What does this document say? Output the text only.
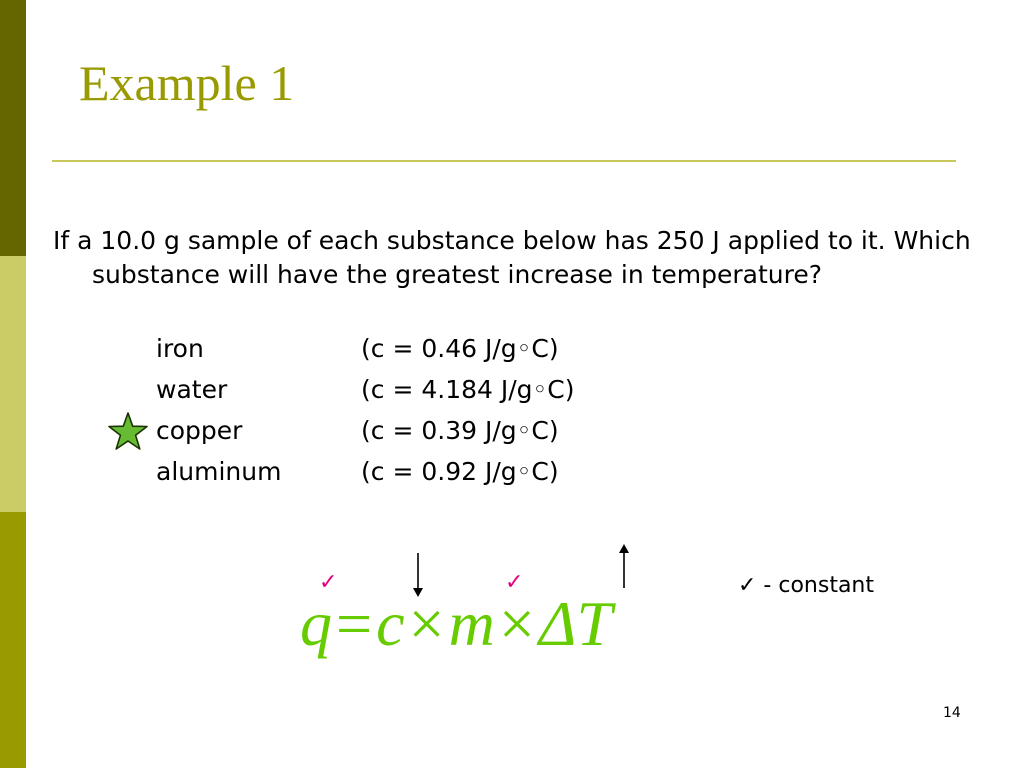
Example 1
If a 10.0 g sample of each substance below has 250 J applied to it. Which substance will have the greatest increase in temperature?
iron	(c = 0.46 J/g◦C)
water	(c = 4.184 J/g◦C)
copper	(c = 0.39 J/g◦C)
aluminum	(c = 0.92 J/g◦C)
✓	✓
q=c×m×ΔT
✓ - constant
14
